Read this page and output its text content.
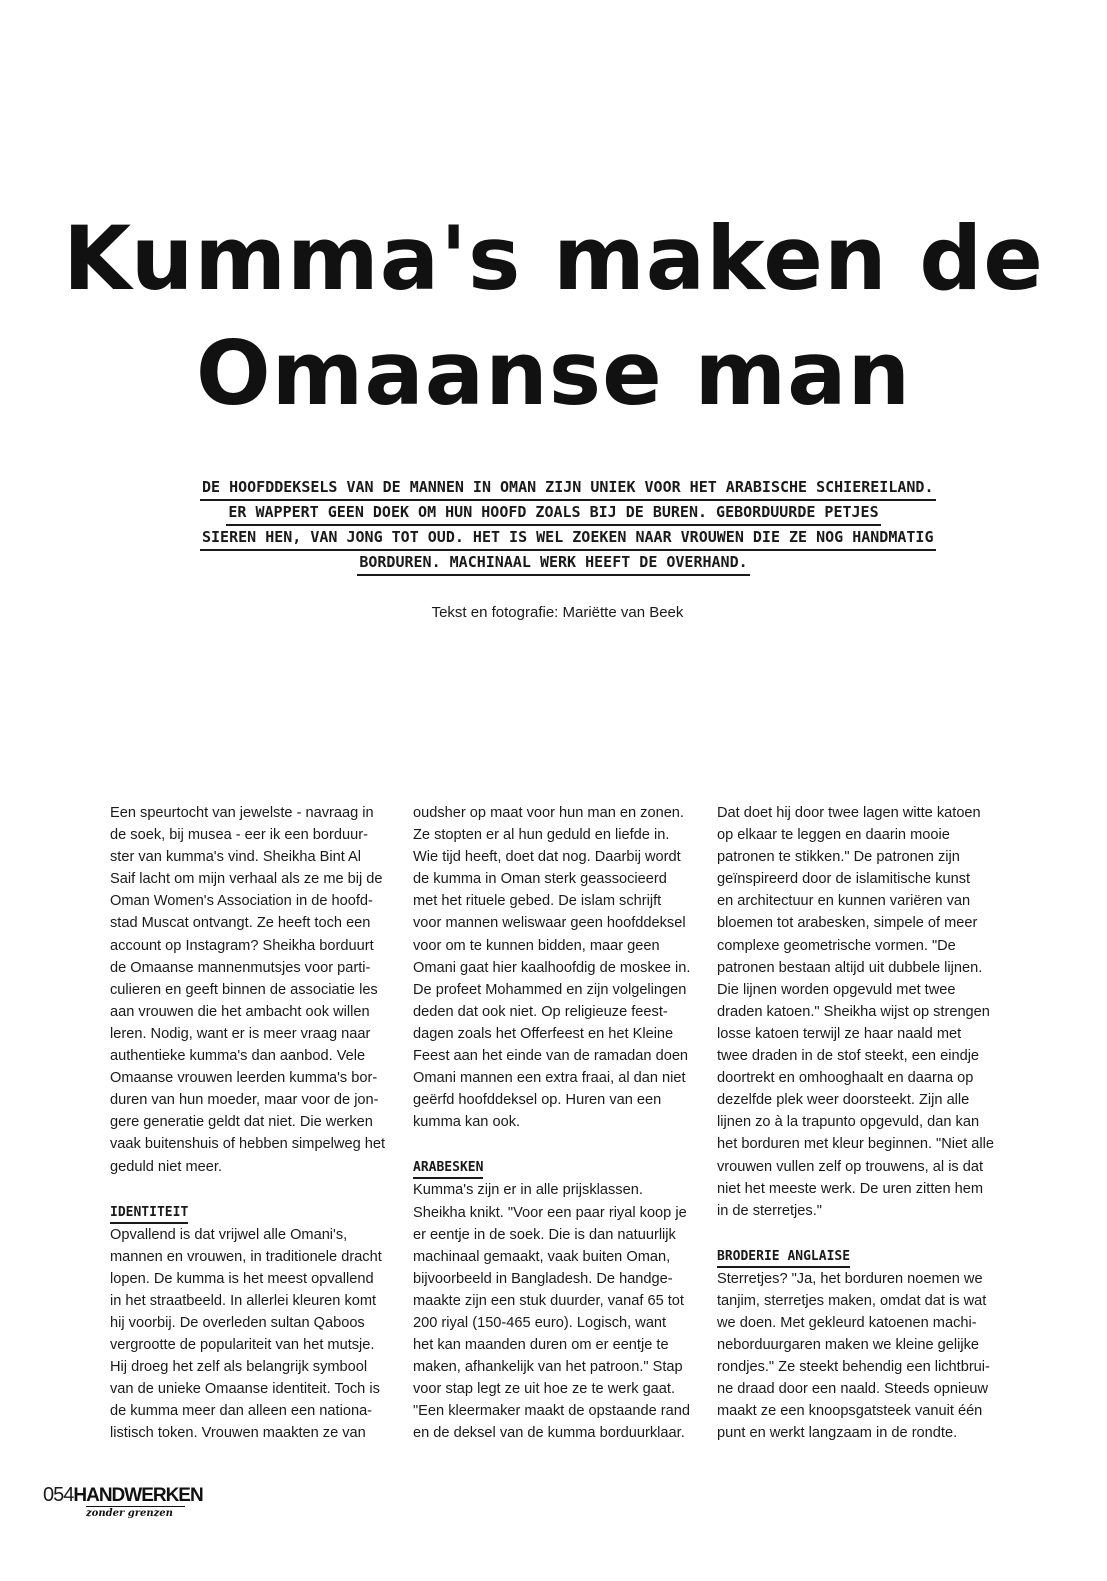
Kumma's maken de
Omaanse man
DE HOOFDDEKSELS VAN DE MANNEN IN OMAN ZIJN UNIEK VOOR HET ARABISCHE SCHIEREILAND.
ER WAPPERT GEEN DOEK OM HUN HOOFD ZOALS BIJ DE BUREN. GEBORDUURDE PETJES
SIEREN HEN, VAN JONG TOT OUD. HET IS WEL ZOEKEN NAAR VROUWEN DIE ZE NOG HANDMATIG
BORDUREN. MACHINAAL WERK HEEFT DE OVERHAND.
Tekst en fotografie: Mariëtte van Beek
Een speurtocht van jewelste - navraag in
de soek, bij musea - eer ik een borduur-
ster van kumma's vind. Sheikha Bint Al
Saif lacht om mijn verhaal als ze me bij de
Oman Women's Association in de hoofd-
stad Muscat ontvangt. Ze heeft toch een
account op Instagram? Sheikha borduurt
de Omaanse mannenmutsjes voor parti-
culieren en geeft binnen de associatie les
aan vrouwen die het ambacht ook willen
leren. Nodig, want er is meer vraag naar
authentieke kumma's dan aanbod. Vele
Omaanse vrouwen leerden kumma's bor-
duren van hun moeder, maar voor de jon-
gere generatie geldt dat niet. Die werken
vaak buitenshuis of hebben simpelweg het
geduld niet meer.
IDENTITEIT
Opvallend is dat vrijwel alle Omani's,
mannen en vrouwen, in traditionele dracht
lopen. De kumma is het meest opvallend
in het straatbeeld. In allerlei kleuren komt
hij voorbij. De overleden sultan Qaboos
vergrootte de populariteit van het mutsje.
Hij droeg het zelf als belangrijk symbool
van de unieke Omaanse identiteit. Toch is
de kumma meer dan alleen een nationa-
listisch token. Vrouwen maakten ze van
oudsher op maat voor hun man en zonen.
Ze stopten er al hun geduld en liefde in.
Wie tijd heeft, doet dat nog. Daarbij wordt
de kumma in Oman sterk geassocieerd
met het rituele gebed. De islam schrijft
voor mannen weliswaar geen hoofddeksel
voor om te kunnen bidden, maar geen
Omani gaat hier kaalhoofdig de moskee in.
De profeet Mohammed en zijn volgelingen
deden dat ook niet. Op religieuze feest-
dagen zoals het Offerfeest en het Kleine
Feest aan het einde van de ramadan doen
Omani mannen een extra fraai, al dan niet
geërfd hoofddeksel op. Huren van een
kumma kan ook.
ARABESKEN
Kumma's zijn er in alle prijsklassen.
Sheikha knikt. "Voor een paar riyal koop je
er eentje in de soek. Die is dan natuurlijk
machinaal gemaakt, vaak buiten Oman,
bijvoorbeeld in Bangladesh. De handge-
maakte zijn een stuk duurder, vanaf 65 tot
200 riyal (150-465 euro). Logisch, want
het kan maanden duren om er eentje te
maken, afhankelijk van het patroon." Stap
voor stap legt ze uit hoe ze te werk gaat.
"Een kleermaker maakt de opstaande rand
en de deksel van de kumma borduurklaar.
Dat doet hij door twee lagen witte katoen
op elkaar te leggen en daarin mooie
patronen te stikken." De patronen zijn
geïnspireerd door de islamitische kunst
en architectuur en kunnen variëren van
bloemen tot arabesken, simpele of meer
complexe geometrische vormen. "De
patronen bestaan altijd uit dubbele lijnen.
Die lijnen worden opgevuld met twee
draden katoen." Sheikha wijst op strengen
losse katoen terwijl ze haar naald met
twee draden in de stof steekt, een eindje
doortrekt en omhooghaalt en daarna op
dezelfde plek weer doorsteekt. Zijn alle
lijnen zo à la trapunto opgevuld, dan kan
het borduren met kleur beginnen. "Niet alle
vrouwen vullen zelf op trouwens, al is dat
niet het meeste werk. De uren zitten hem
in de sterretjes."
BRODERIE ANGLAISE
Sterretjes? "Ja, het borduren noemen we
tanjim, sterretjes maken, omdat dat is wat
we doen. Met gekleurd katoenen machi-
neborduurgaren maken we kleine gelijke
rondjes." Ze steekt behendig een lichtbrui-
ne draad door een naald. Steeds opnieuw
maakt ze een knoopsgatsteek vanuit één
punt en werkt langzaam in de rondte.
054HANDWERKEN
zonder grenzen
